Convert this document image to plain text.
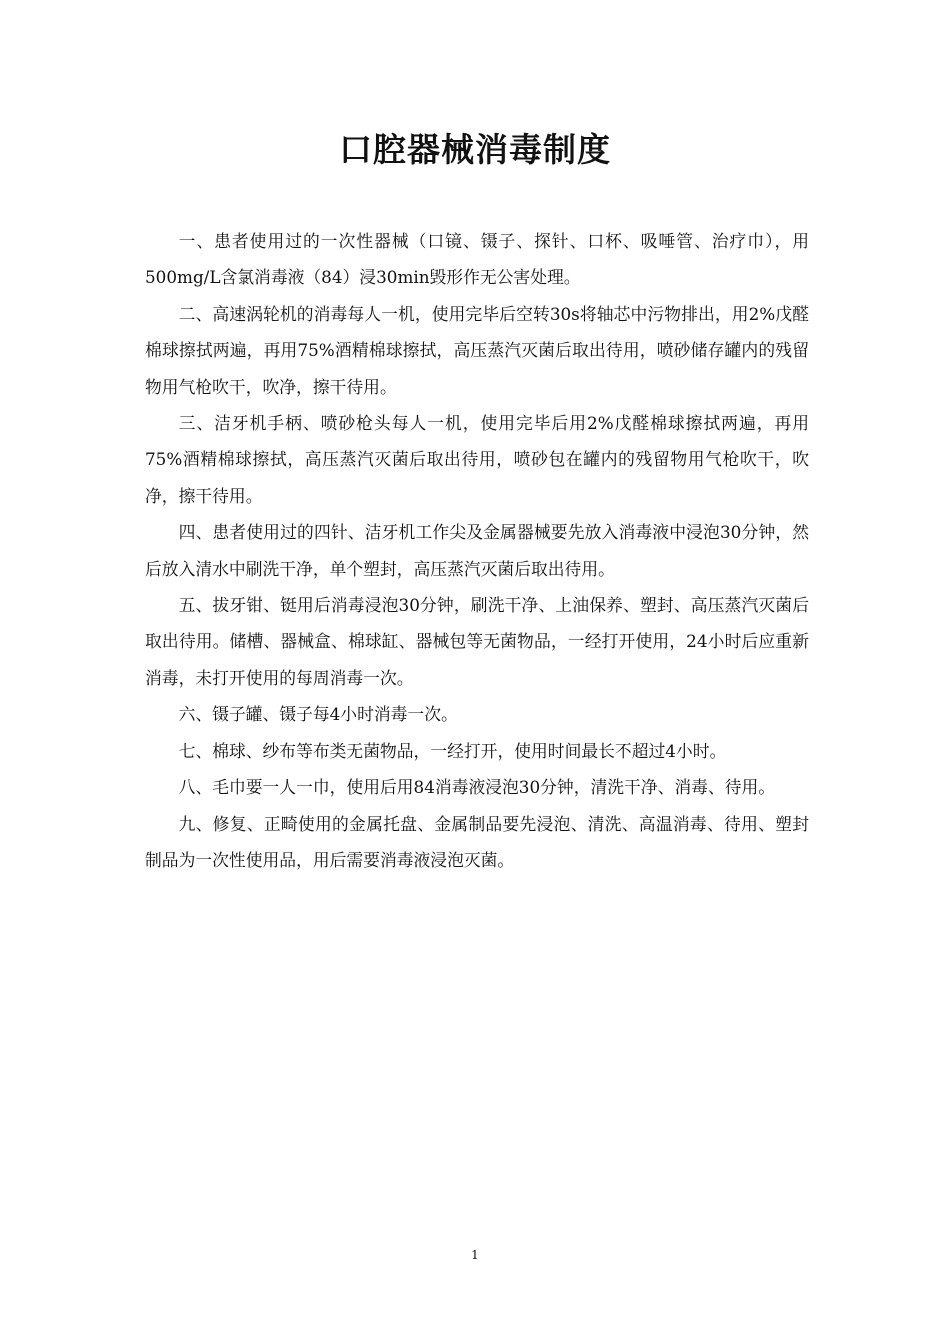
口腔器械消毒制度

一、患者使用过的一次性器械（口镜、镊子、探针、口杯、吸唾管、治疗巾），用500mg/L含氯消毒液（84）浸30min毁形作无公害处理。

二、高速涡轮机的消毒每人一机，使用完毕后空转30s将轴芯中污物排出，用2%戊醛棉球擦拭两遍，再用75%酒精棉球擦拭，高压蒸汽灭菌后取出待用，喷砂储存罐内的残留物用气枪吹干，吹净，擦干待用。

三、洁牙机手柄、喷砂枪头每人一机，使用完毕后用2%戊醛棉球擦拭两遍，再用75%酒精棉球擦拭，高压蒸汽灭菌后取出待用，喷砂包在罐内的残留物用气枪吹干，吹净，擦干待用。

四、患者使用过的四针、洁牙机工作尖及金属器械要先放入消毒液中浸泡30分钟，然后放入清水中刷洗干净，单个塑封，高压蒸汽灭菌后取出待用。

五、拔牙钳、铤用后消毒浸泡30分钟，刷洗干净、上油保养、塑封、高压蒸汽灭菌后取出待用。储槽、器械盒、棉球缸、器械包等无菌物品，一经打开使用，24小时后应重新消毒，未打开使用的每周消毒一次。

六、镊子罐、镊子每4小时消毒一次。

七、棉球、纱布等布类无菌物品，一经打开，使用时间最长不超过4小时。

八、毛巾要一人一巾，使用后用84消毒液浸泡30分钟，清洗干净、消毒、待用。

九、修复、正畸使用的金属托盘、金属制品要先浸泡、清洗、高温消毒、待用、塑封制品为一次性使用品，用后需要消毒液浸泡灭菌。

1
